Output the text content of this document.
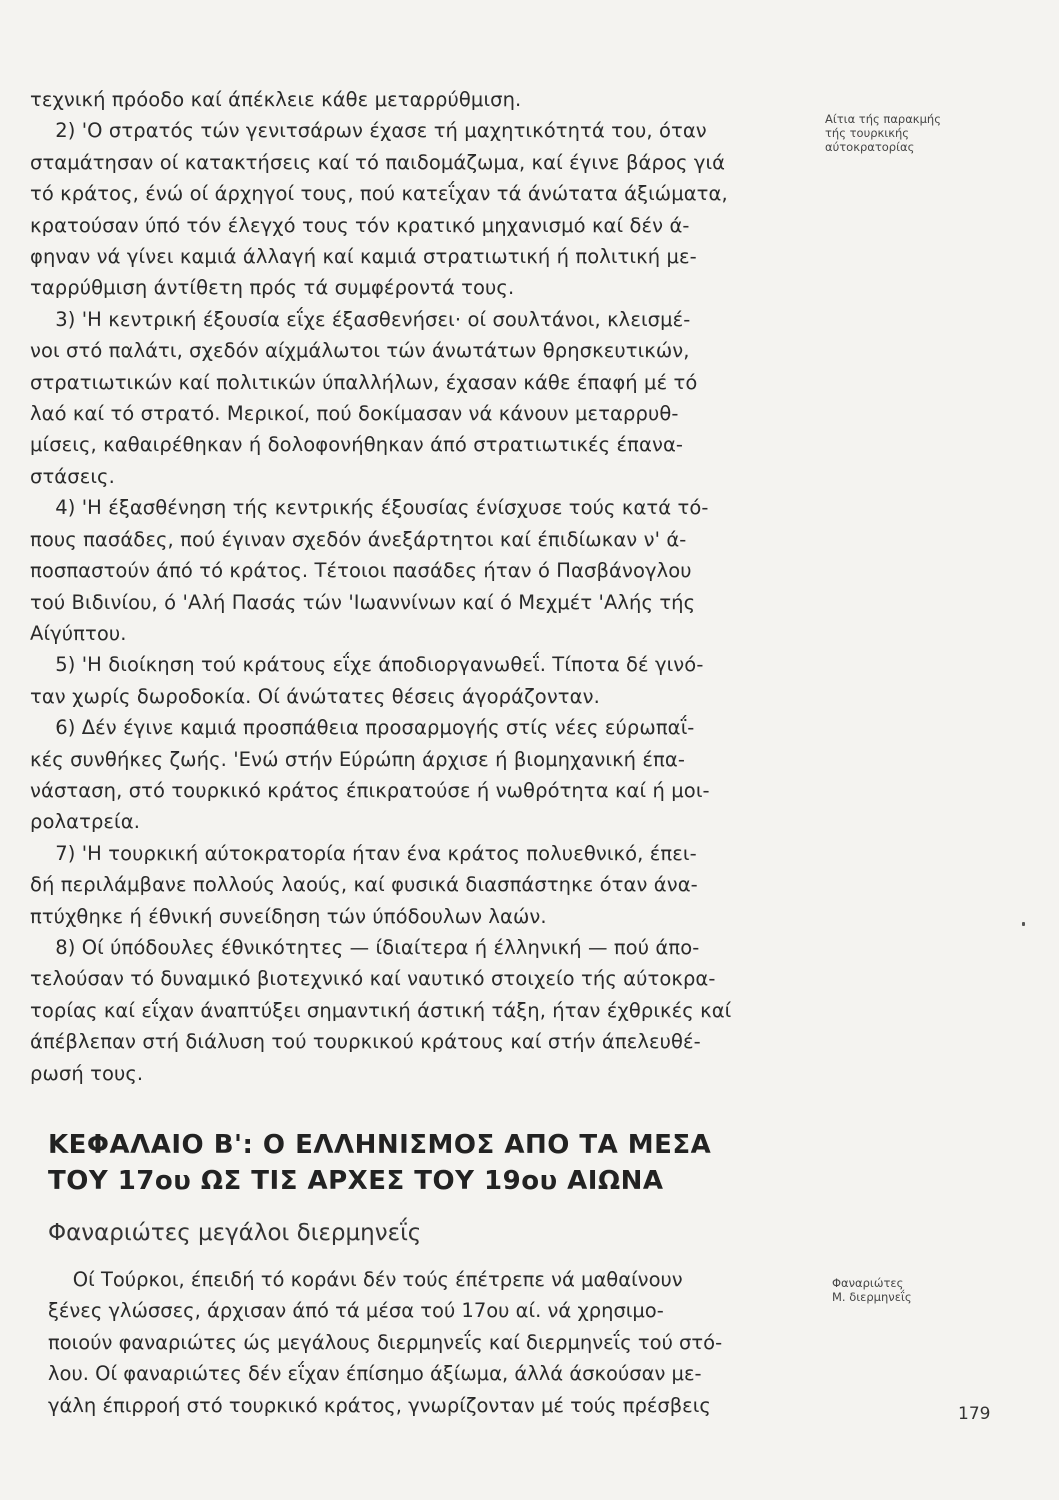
τεχνική πρόοδο καί άπέκλειε κάθε μεταρρύθμιση.
2) 'Ο στρατός τών γενιτσάρων έχασε τή μαχητικότητά του, όταν
σταμάτησαν οί κατακτήσεις καί τό παιδομάζωμα, καί έγινε βάρος γιά
τό κράτος, ένώ οί άρχηγοί τους, πού κατεΐχαν τά άνώτατα άξιώματα,
κρατούσαν ύπό τόν έλεγχό τους τόν κρατικό μηχανισμό καί δέν ά-
φηναν νά γίνει καμιά άλλαγή καί καμιά στρατιωτική ή πολιτική με-
ταρρύθμιση άντίθετη πρός τά συμφέροντά τους.
3) 'Η κεντρική έξουσία εΐχε έξασθενήσει· οί σουλτάνοι, κλεισμέ-
νοι στό παλάτι, σχεδόν αίχμάλωτοι τών άνωτάτων θρησκευτικών,
στρατιωτικών καί πολιτικών ύπαλλήλων, έχασαν κάθε έπαφή μέ τό
λαό καί τό στρατό. Μερικοί, πού δοκίμασαν νά κάνουν μεταρρυθ-
μίσεις, καθαιρέθηκαν ή δολοφονήθηκαν άπό στρατιωτικές έπανα-
στάσεις.
4) 'Η έξασθένηση τής κεντρικής έξουσίας ένίσχυσε τούς κατά τό-
πους πασάδες, πού έγιναν σχεδόν άνεξάρτητοι καί έπιδίωκαν ν' ά-
ποσπαστούν άπό τό κράτος. Τέτοιοι πασάδες ήταν ό Πασβάνογλου
τού Βιδινίου, ό 'Αλή Πασάς τών 'Ιωαννίνων καί ό Μεχμέτ 'Αλής τής
Αίγύπτου.
5) 'Η διοίκηση τού κράτους εΐχε άποδιοργανωθεΐ. Τίποτα δέ γινό-
ταν χωρίς δωροδοκία. Οί άνώτατες θέσεις άγοράζονταν.
6) Δέν έγινε καμιά προσπάθεια προσαρμογής στίς νέες εύρωπαΐ-
κές συνθήκες ζωής. 'Ενώ στήν Εύρώπη άρχισε ή βιομηχανική έπα-
νάσταση, στό τουρκικό κράτος έπικρατούσε ή νωθρότητα καί ή μοι-
ρολατρεία.
7) 'Η τουρκική αύτοκρατορία ήταν ένα κράτος πολυεθνικό, έπει-
δή περιλάμβανε πολλούς λαούς, καί φυσικά διασπάστηκε όταν άνα-
πτύχθηκε ή έθνική συνείδηση τών ύπόδουλων λαών.
8) Οί ύπόδουλες έθνικότητες — ίδιαίτερα ή έλληνική — πού άπο-
τελούσαν τό δυναμικό βιοτεχνικό καί ναυτικό στοιχείο τής αύτοκρα-
τορίας καί εΐχαν άναπτύξει σημαντική άστική τάξη, ήταν έχθρικές καί
άπέβλεπαν στή διάλυση τού τουρκικού κράτους καί στήν άπελευθέ-
ρωσή τους.
Αίτια τής παρακμής
τής τουρκικής
αύτοκρατορίας
ΚΕΦΑΛΑΙΟ Β': Ο ΕΛΛΗΝΙΣΜΟΣ ΑΠΟ ΤΑ ΜΕΣΑ
ΤΟΥ 17ου ΩΣ ΤΙΣ ΑΡΧΕΣ ΤΟΥ 19ου ΑΙΩΝΑ
Φαναριώτες μεγάλοι διερμηνεΐς
Οί Τούρκοι, έπειδή τό κοράνι δέν τούς έπέτρεπε νά μαθαίνουν
ξένες γλώσσες, άρχισαν άπό τά μέσα τού 17ου αί. νά χρησιμο-
ποιούν φαναριώτες ώς μεγάλους διερμηνεΐς καί διερμηνεΐς τού στό-
λου. Οί φαναριώτες δέν εΐχαν έπίσημο άξίωμα, άλλά άσκούσαν με-
γάλη έπιρροή στό τουρκικό κράτος, γνωρίζονταν μέ τούς πρέσβεις
Φαναριώτες
Μ. διερμηνεΐς
179
